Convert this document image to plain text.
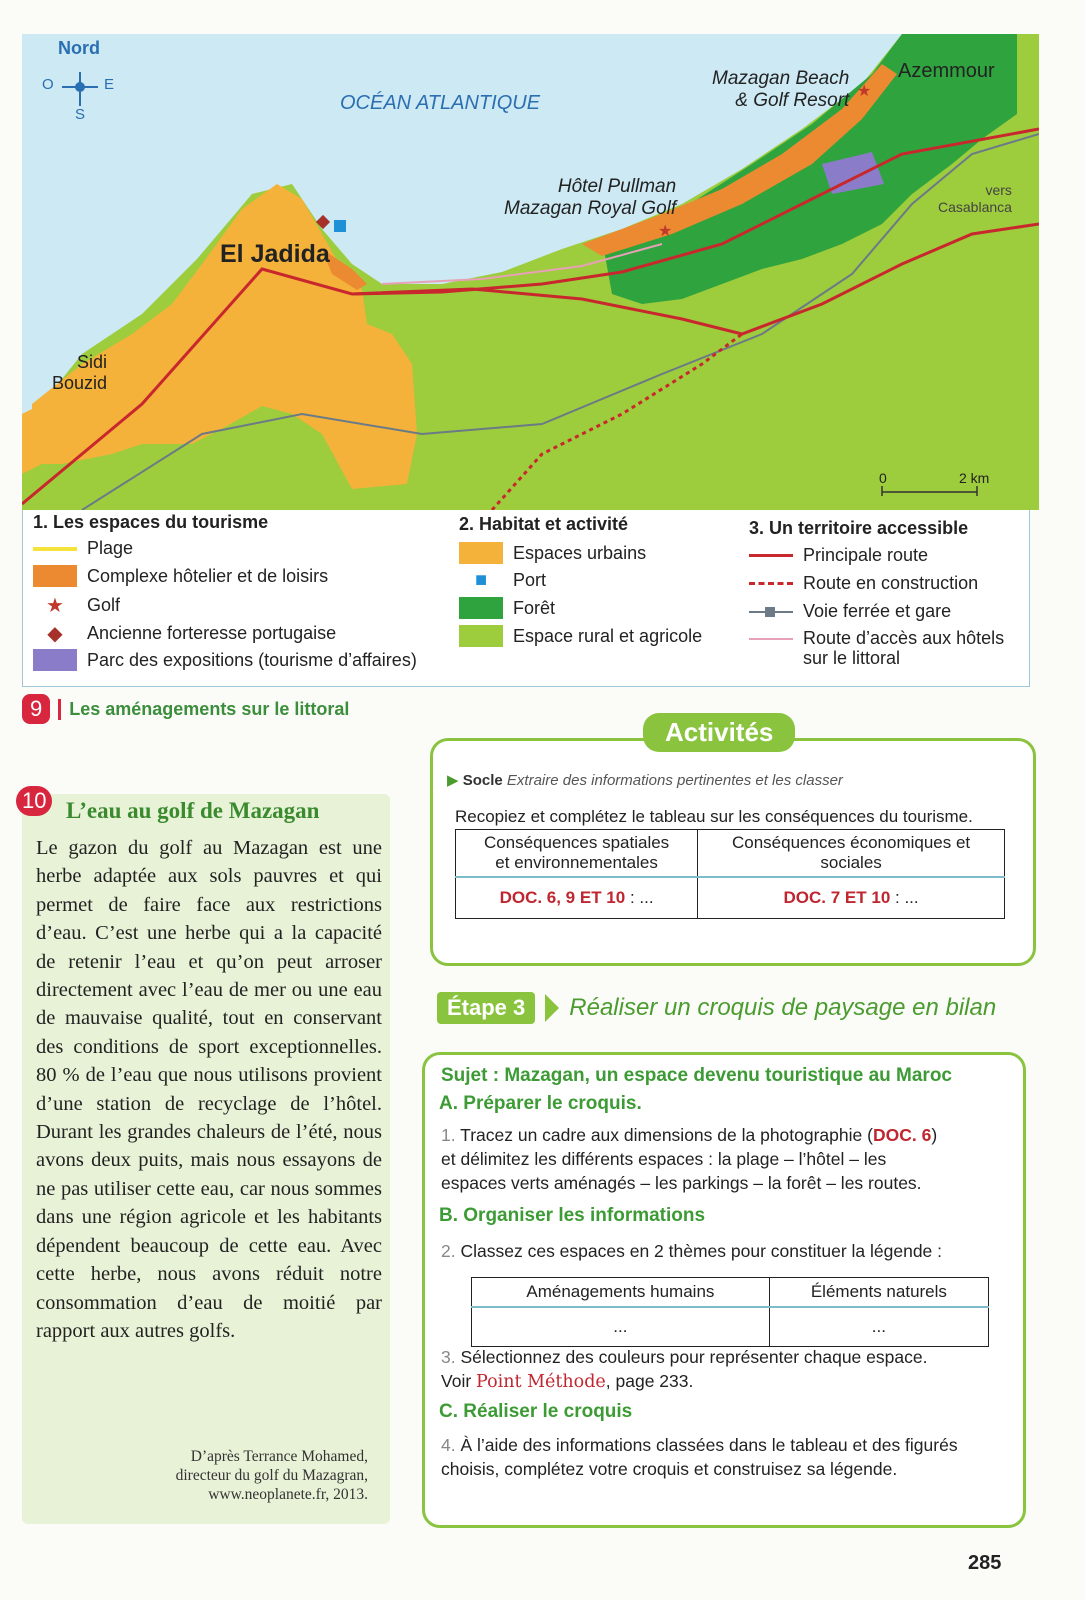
★
★
Nord
O	E
S
OCÉAN ATLANTIQUE
El Jadida
Sidi
Bouzid
Azemmour
Mazagan Beach
& Golf Resort
Hôtel Pullman
Mazagan Royal Golf
vers
Casablanca
0	2 km
1. Les espaces du tourisme
Plage
Complexe hôtelier et de loisirs
★	Golf
◆	Ancienne forteresse portugaise
Parc des expositions (tourisme d’affaires)
2. Habitat et activité
Espaces urbains
■	Port
Forêt
Espace rural et agricole
3. Un territoire accessible
Principale route
Route en construction
Voie ferrée et gare
Route d’accès aux hôtels
sur le littoral
9	Les aménagements sur le littoral
10 L’eau au golf de Mazagan
Le gazon du golf au Mazagan est une herbe adaptée aux sols pauvres et qui permet de faire face aux restrictions d’eau. C’est une herbe qui a la capacité de retenir l’eau et qu’on peut arroser directement avec l’eau de mer ou une eau de mauvaise qualité, tout en conservant des conditions de sport exceptionnelles. 80 % de l’eau que nous utilisons provient d’une station de recyclage de l’hôtel. Durant les grandes chaleurs de l’été, nous avons deux puits, mais nous essayons de ne pas utiliser cette eau, car nous sommes dans une région agricole et les habitants dépendent beaucoup de cette eau. Avec cette herbe, nous avons réduit notre consommation d’eau de moitié par rapport aux autres golfs.
D’après Terrance Mohamed,
directeur du golf du Mazagran,
www.neoplanete.fr, 2013.
Activités
▶ Socle Extraire des informations pertinentes et les classer
Recopiez et complétez le tableau sur les conséquences du tourisme.
Conséquences spatiales
et environnementales	Conséquences économiques et
sociales
DOC. 6, 9 ET 10 : ...	DOC. 7 ET 10 : ...
Étape 3	Réaliser un croquis de paysage en bilan
Sujet : Mazagan, un espace devenu touristique au Maroc
A. Préparer le croquis.
1. Tracez un cadre aux dimensions de la photographie (DOC. 6)
et délimitez les différents espaces : la plage – l’hôtel – les
espaces verts aménagés – les parkings – la forêt – les routes.
B. Organiser les informations
2. Classez ces espaces en 2 thèmes pour constituer la légende :
Aménagements humains	Éléments naturels
...	...
3. Sélectionnez des couleurs pour représenter chaque espace.
Voir Point Méthode, page 233.
C. Réaliser le croquis
4. À l’aide des informations classées dans le tableau et des figurés
choisis, complétez votre croquis et construisez sa légende.
285
